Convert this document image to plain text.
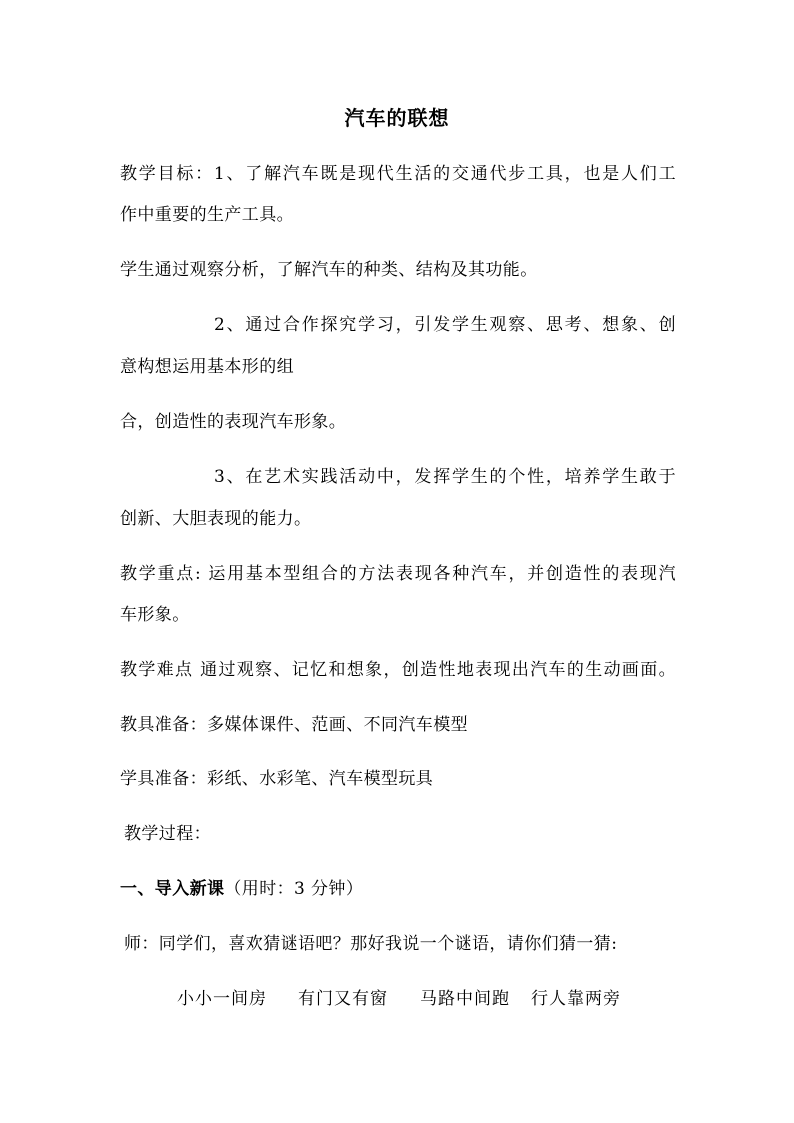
汽车的联想
教学目标：1、了解汽车既是现代生活的交通代步工具，也是人们工
作中重要的生产工具。
学生通过观察分析，了解汽车的种类、结构及其功能。
2、通过合作探究学习，引发学生观察、思考、想象、创
意构想运用基本形的组
合，创造性的表现汽车形象。
3、在艺术实践活动中，发挥学生的个性，培养学生敢于
创新、大胆表现的能力。
教学重点: 运用基本型组合的方法表现各种汽车，并创造性的表现汽
车形象。
教学难点 通过观察、记忆和想象，创造性地表现出汽车的生动画面。
教具准备：多媒体课件、范画、不同汽车模型
学具准备：彩纸、水彩笔、汽车模型玩具
教学过程：
一、导入新课（用时：3 分钟）
师：同学们，喜欢猜谜语吧？那好我说一个谜语，请你们猜一猜:
小小一间房 有门又有窗 马路中间跑 行人靠两旁
